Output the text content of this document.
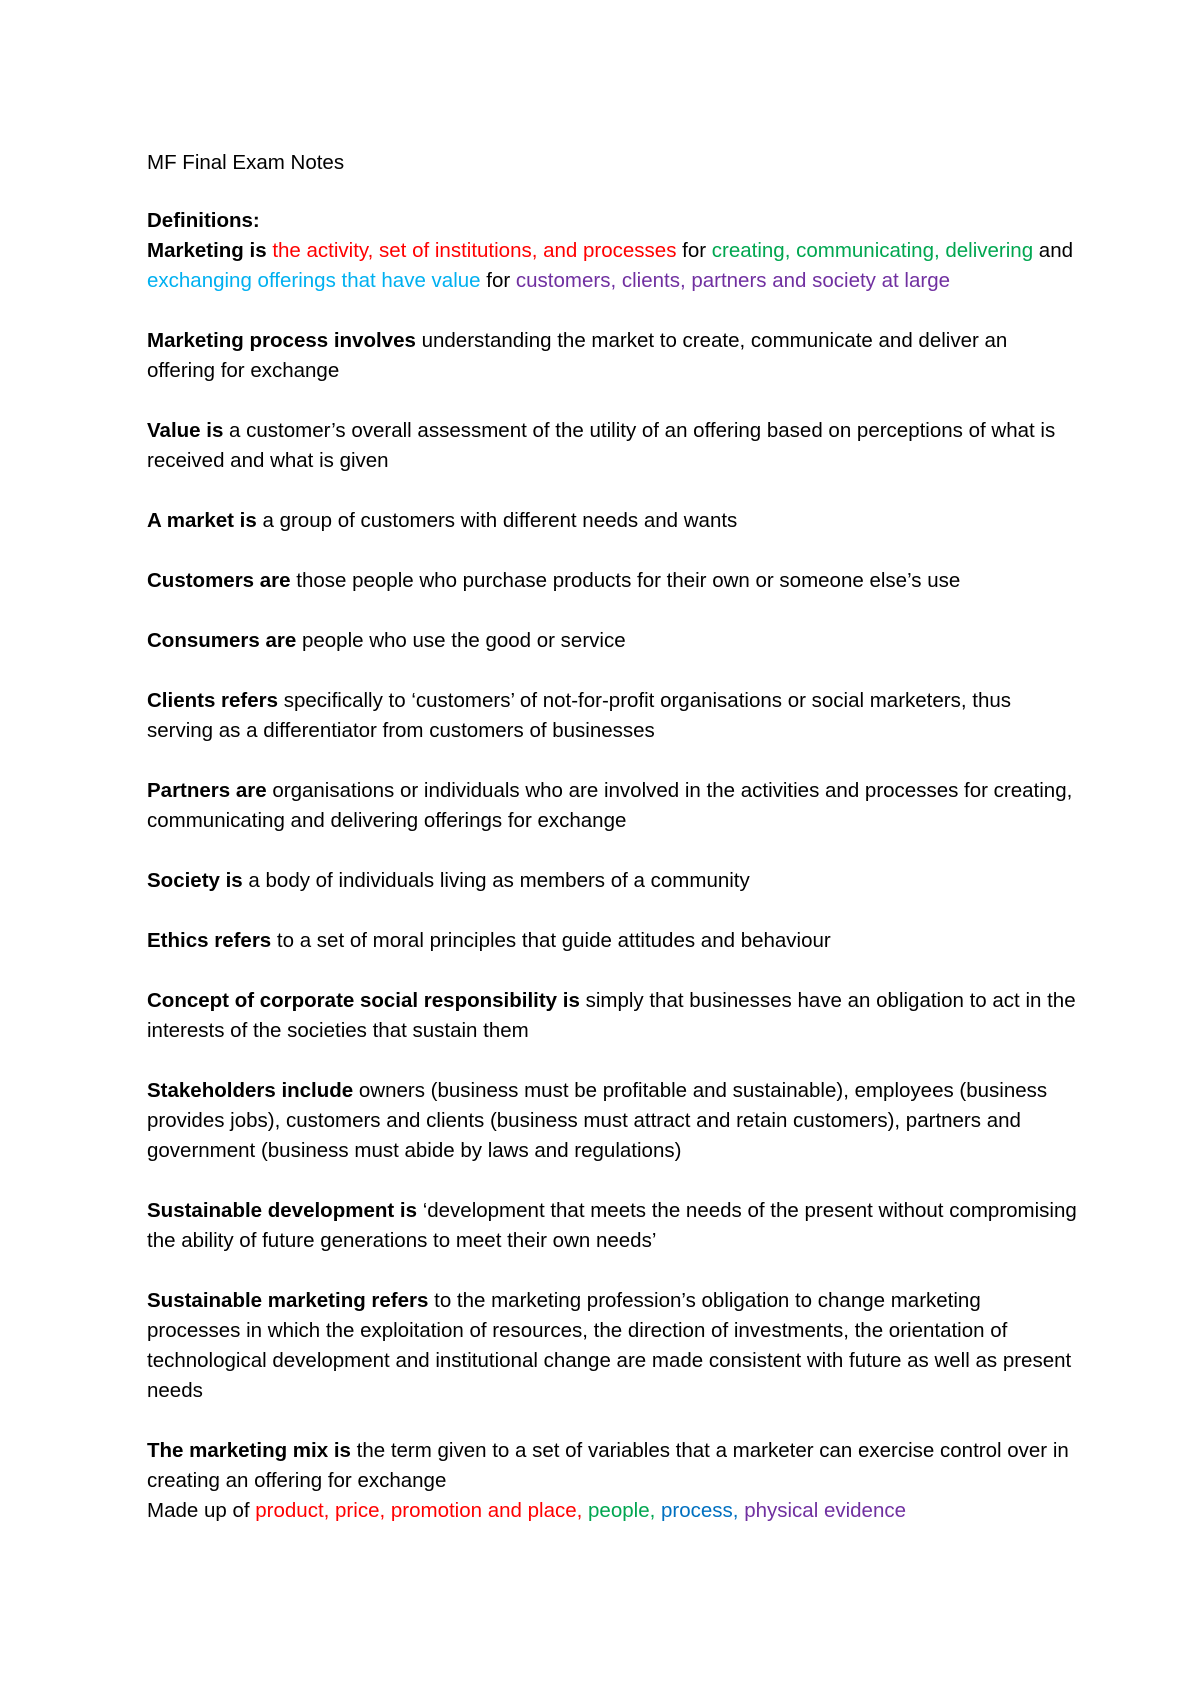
MF Final Exam Notes

Definitions:

Marketing is the activity, set of institutions, and processes for creating, communicating, delivering and exchanging offerings that have value for customers, clients, partners and society at large

Marketing process involves understanding the market to create, communicate and deliver an offering for exchange

Value is a customer’s overall assessment of the utility of an offering based on perceptions of what is received and what is given

A market is a group of customers with different needs and wants

Customers are those people who purchase products for their own or someone else’s use

Consumers are people who use the good or service

Clients refers specifically to ‘customers’ of not-for-profit organisations or social marketers, thus serving as a differentiator from customers of businesses

Partners are organisations or individuals who are involved in the activities and processes for creating, communicating and delivering offerings for exchange

Society is a body of individuals living as members of a community

Ethics refers to a set of moral principles that guide attitudes and behaviour

Concept of corporate social responsibility is simply that businesses have an obligation to act in the interests of the societies that sustain them

Stakeholders include owners (business must be profitable and sustainable), employees (business provides jobs), customers and clients (business must attract and retain customers), partners and government (business must abide by laws and regulations)

Sustainable development is ‘development that meets the needs of the present without compromising the ability of future generations to meet their own needs’

Sustainable marketing refers to the marketing profession’s obligation to change marketing processes in which the exploitation of resources, the direction of investments, the orientation of technological development and institutional change are made consistent with future as well as present needs

The marketing mix is the term given to a set of variables that a marketer can exercise control over in creating an offering for exchange

Made up of product, price, promotion and place, people, process, physical evidence
